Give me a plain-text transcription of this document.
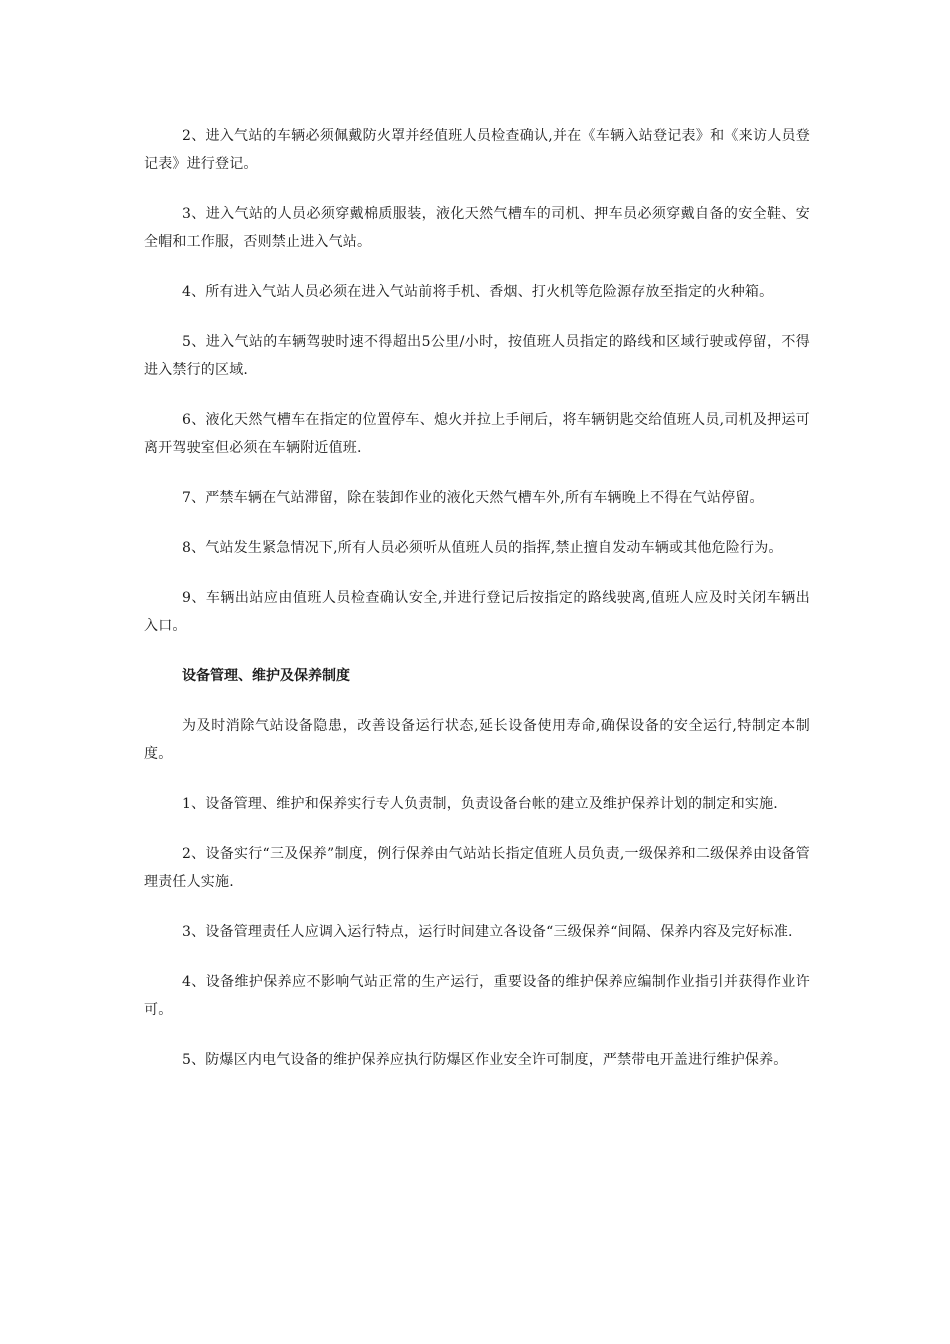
2、进入气站的车辆必须佩戴防火罩并经值班人员检查确认,并在《车辆入站登记表》和《来访人员登记表》进行登记。

3、进入气站的人员必须穿戴棉质服装，液化天然气槽车的司机、押车员必须穿戴自备的安全鞋、安全帽和工作服，否则禁止进入气站。

4、所有进入气站人员必须在进入气站前将手机、香烟、打火机等危险源存放至指定的火种箱。

5、进入气站的车辆驾驶时速不得超出5公里/小时，按值班人员指定的路线和区域行驶或停留，不得进入禁行的区域.

6、液化天然气槽车在指定的位置停车、熄火并拉上手闸后，将车辆钥匙交给值班人员,司机及押运可离开驾驶室但必须在车辆附近值班.

7、严禁车辆在气站滞留，除在装卸作业的液化天然气槽车外,所有车辆晚上不得在气站停留。

8、气站发生紧急情况下,所有人员必须听从值班人员的指挥,禁止擅自发动车辆或其他危险行为。

9、车辆出站应由值班人员检查确认安全,并进行登记后按指定的路线驶离,值班人应及时关闭车辆出入口。

设备管理、维护及保养制度

为及时消除气站设备隐患，改善设备运行状态,延长设备使用寿命,确保设备的安全运行,特制定本制度。

1、设备管理、维护和保养实行专人负责制，负责设备台帐的建立及维护保养计划的制定和实施.

2、设备实行“三及保养”制度，例行保养由气站站长指定值班人员负责,一级保养和二级保养由设备管理责任人实施.

3、设备管理责任人应调入运行特点，运行时间建立各设备“三级保养“间隔、保养内容及完好标准.

4、设备维护保养应不影响气站正常的生产运行，重要设备的维护保养应编制作业指引并获得作业许可。

5、防爆区内电气设备的维护保养应执行防爆区作业安全许可制度，严禁带电开盖进行维护保养。
